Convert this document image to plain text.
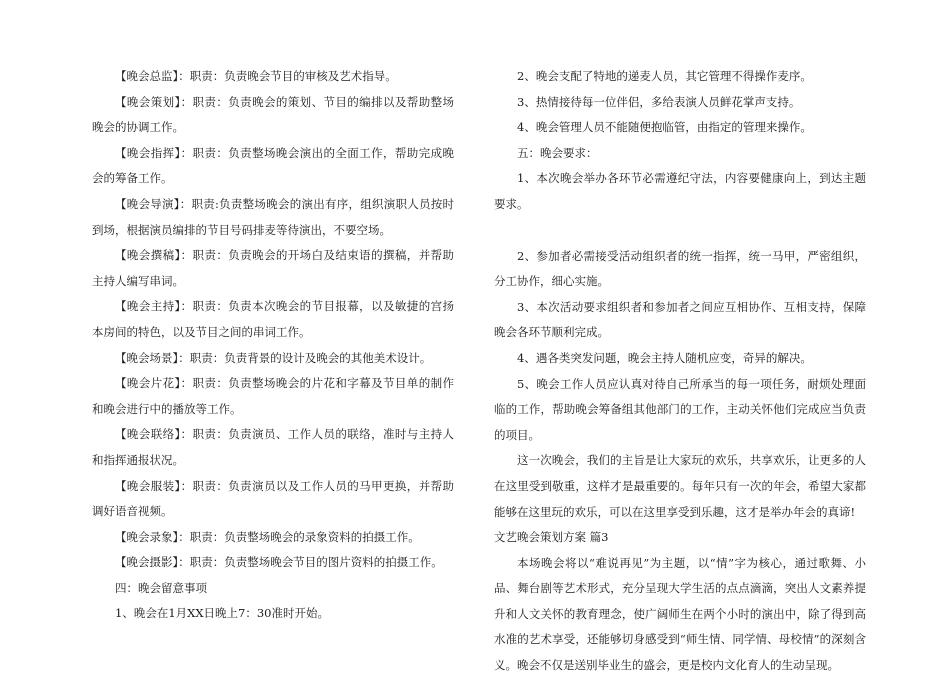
【晚会总监】：职责：负责晚会节目的审核及艺术指导。

【晚会策划】：职责：负责晚会的策划、节目的编排以及帮助整场晚会的协调工作。

【晚会指挥】：职责：负责整场晚会演出的全面工作，帮助完成晚会的筹备工作。

【晚会导演】：职责:负责整场晚会的演出有序，组织演职人员按时到场，根据演员编排的节目号码排麦等待演出，不要空场。

【晚会撰稿】：职责：负责晚会的开场白及结束语的撰稿，并帮助主持人编写串词。

【晚会主持】：职责：负责本次晚会的节目报幕，以及敏捷的宫扬本房间的特色，以及节目之间的串词工作。

【晚会场景】：职责：负责背景的设计及晚会的其他美术设计。

【晚会片花】：职责：负责整场晚会的片花和字幕及节目单的制作和晚会进行中的播放等工作。

【晚会联络】：职责：负责演员、工作人员的联络，准时与主持人和指挥通报状况。

【晚会服装】：职责：负责演员以及工作人员的马甲更换，并帮助调好语音视频。

【晚会录象】：职责：负责整场晚会的录象资料的拍摄工作。

【晚会摄影】：职责：负责整场晚会节目的图片资料的拍摄工作。

四：晚会留意事项

1、晚会在1月XX日晚上7：30准时开始。

2、晚会支配了特地的递麦人员，其它管理不得操作麦序。

3、热情接待每一位伴侣，多给表演人员鲜花掌声支持。

4、晚会管理人员不能随便抱临管，由指定的管理来操作。

五：晚会要求：

1、本次晚会举办各环节必需遵纪守法，内容要健康向上，到达主题要求。

2、参加者必需接受活动组织者的统一指挥，统一马甲，严密组织，分工协作，细心实施。

3、本次活动要求组织者和参加者之间应互相协作、互相支持，保障晚会各环节顺利完成。

4、遇各类突发问题，晚会主持人随机应变，奇异的解决。

5、晚会工作人员应认真对待自己所承当的每一项任务，耐烦处理面临的工作，帮助晚会筹备组其他部门的工作，主动关怀他们完成应当负责的项目。

这一次晚会，我们的主旨是让大家玩的欢乐，共享欢乐，让更多的人在这里受到敬重，这样才是最重要的。每年只有一次的年会，希望大家都能够在这里玩的欢乐，可以在这里享受到乐趣，这才是举办年会的真谛!

文艺晚会策划方案 篇3

本场晚会将以“难说再见”为主题，以“情”字为核心，通过歌舞、小品、舞台剧等艺术形式，充分呈现大学生活的点点滴滴，突出人文素养提升和人文关怀的教育理念，使广阔师生在两个小时的演出中，除了得到高水准的艺术享受，还能够切身感受到“师生情、同学情、母校情”的深刻含义。晚会不仅是送别毕业生的盛会，更是校内文化育人的生动呈现。
